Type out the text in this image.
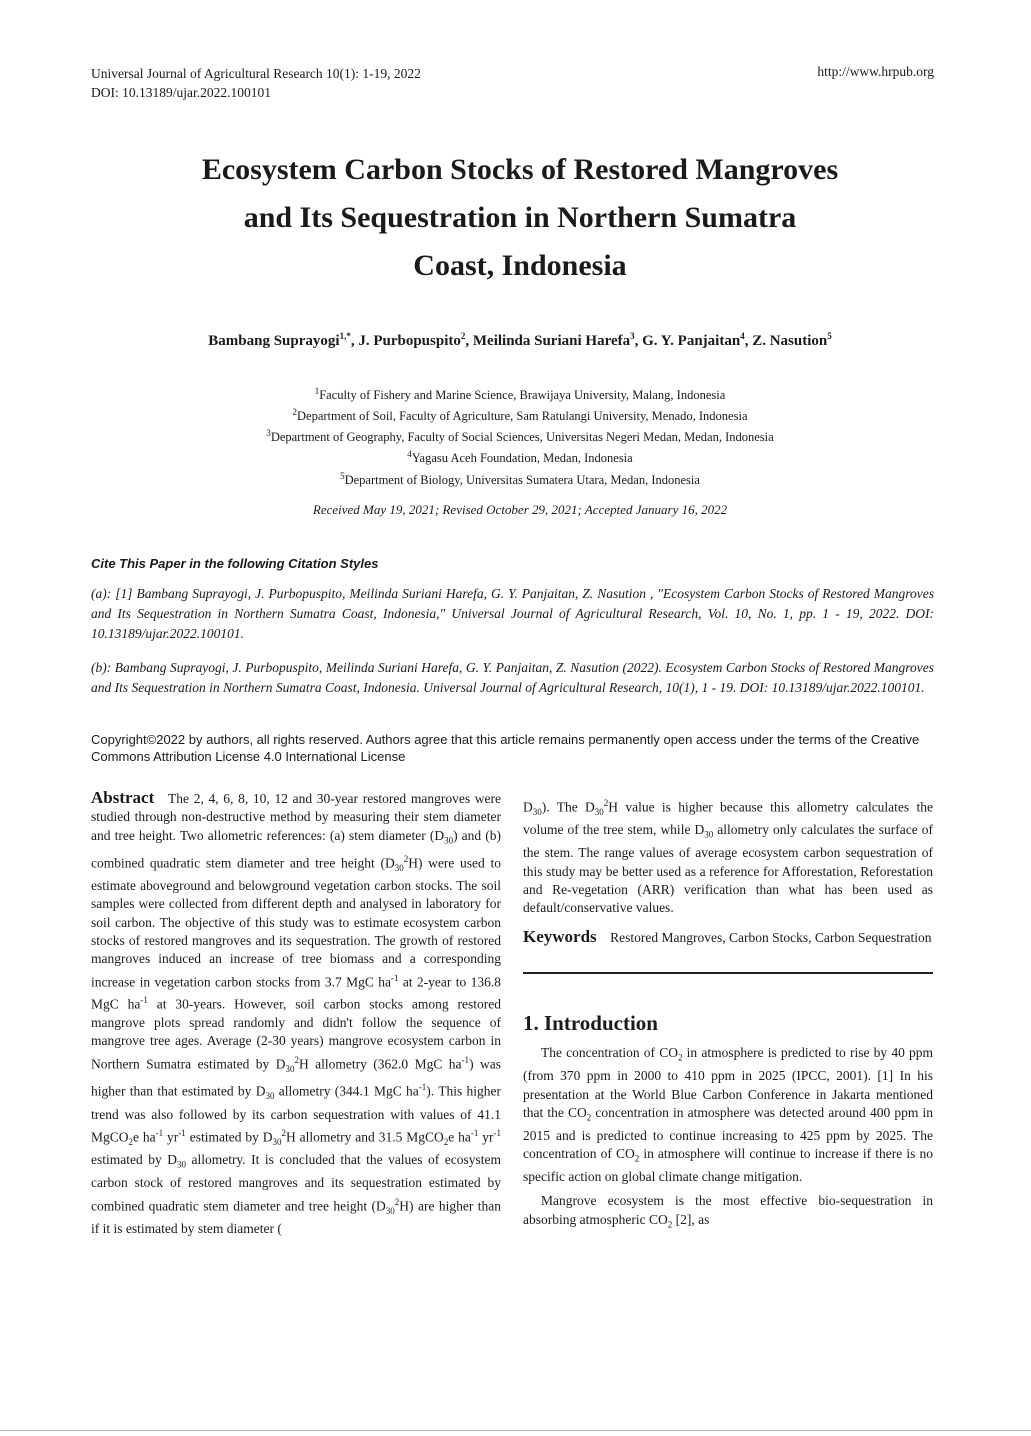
Universal Journal of Agricultural Research 10(1): 1-19, 2022
DOI: 10.13189/ujar.2022.100101
http://www.hrpub.org
Ecosystem Carbon Stocks of Restored Mangroves
and Its Sequestration in Northern Sumatra
Coast, Indonesia
Bambang Suprayogi$^{1,*}$, J. Purbopuspito$^2$, Meilinda Suriani Harefa$^3$, G. Y. Panjaitan$^4$, Z. Nasution$^5$
$^1$Faculty of Fishery and Marine Science, Brawijaya University, Malang, Indonesia
$^2$Department of Soil, Faculty of Agriculture, Sam Ratulangi University, Menado, Indonesia
$^3$Department of Geography, Faculty of Social Sciences, Universitas Negeri Medan, Medan, Indonesia
$^4$Yagasu Aceh Foundation, Medan, Indonesia
$^5$Department of Biology, Universitas Sumatera Utara, Medan, Indonesia
Received May 19, 2021; Revised October 29, 2021; Accepted January 16, 2022
Cite This Paper in the following Citation Styles
(a): [1] Bambang Suprayogi, J. Purbopuspito, Meilinda Suriani Harefa, G. Y. Panjaitan, Z. Nasution , "Ecosystem Carbon Stocks of Restored Mangroves and Its Sequestration in Northern Sumatra Coast, Indonesia," Universal Journal of Agricultural Research, Vol. 10, No. 1, pp. 1 - 19, 2022. DOI: 10.13189/ujar.2022.100101.
(b): Bambang Suprayogi, J. Purbopuspito, Meilinda Suriani Harefa, G. Y. Panjaitan, Z. Nasution (2022). Ecosystem Carbon Stocks of Restored Mangroves and Its Sequestration in Northern Sumatra Coast, Indonesia. Universal Journal of Agricultural Research, 10(1), 1 - 19. DOI: 10.13189/ujar.2022.100101.
Copyright©2022 by authors, all rights reserved. Authors agree that this article remains permanently open access under the terms of the Creative Commons Attribution License 4.0 International License
Abstract The 2, 4, 6, 8, 10, 12 and 30-year restored mangroves were studied through non-destructive method by measuring their stem diameter and tree height. Two allometric references: (a) stem diameter $(D_{30})$ and (b) combined quadratic stem diameter and tree height $(D_{30}^2H)$ were used to estimate aboveground and belowground vegetation carbon stocks. The soil samples were collected from different depth and analysed in laboratory for soil carbon. The objective of this study was to estimate ecosystem carbon stocks of restored mangroves and its sequestration. The growth of restored mangroves induced an increase of tree biomass and a corresponding increase in vegetation carbon stocks from 3.7 MgC $ha^{-1}$ at 2-year to 136.8 MgC $ha^{-1}$ at 30-years. However, soil carbon stocks among restored mangrove plots spread randomly and didn't follow the sequence of mangrove tree ages. Average (2-30 years) mangrove ecosystem carbon in Northern Sumatra estimated by $D_{30}^2H$ allometry (362.0 MgC $ha^{-1}$) was higher than that estimated by $D_{30}$ allometry (344.1 MgC $ha^{-1}$). This higher trend was also followed by its carbon sequestration with values of 41.1 MgCO$_2$e $ha^{-1}$ $yr^{-1}$ estimated by $D_{30}^2H$ allometry and 31.5 MgCO$_2$e $ha^{-1}$ $yr^{-1}$ estimated by $D_{30}$ allometry. It is concluded that the values of ecosystem carbon stock of restored mangroves and its sequestration estimated by combined quadratic stem diameter and tree height $(D_{30}^2H)$ are higher than if it is estimated by stem diameter (
$D_{30}$). The $D_{30}^2H$ value is higher because this allometry calculates the volume of the tree stem, while $D_{30}$ allometry only calculates the surface of the stem. The range values of average ecosystem carbon sequestration of this study may be better used as a reference for Afforestation, Reforestation and Re-vegetation (ARR) verification than what has been used as default/conservative values.
Keywords Restored Mangroves, Carbon Stocks, Carbon Sequestration
1. Introduction

The concentration of $CO_2$ in atmosphere is predicted to rise by 40 ppm (from 370 ppm in 2000 to 410 ppm in 2025 (IPCC, 2001). [1] In his presentation at the World Blue Carbon Conference in Jakarta mentioned that the $CO_2$ concentration in atmosphere was detected around 400 ppm in 2015 and is predicted to continue increasing to 425 ppm by 2025. The concentration of $CO_2$ in atmosphere will continue to increase if there is no specific action on global climate change mitigation.

Mangrove ecosystem is the most effective bio-sequestration in absorbing atmospheric $CO_2$ [2], as
